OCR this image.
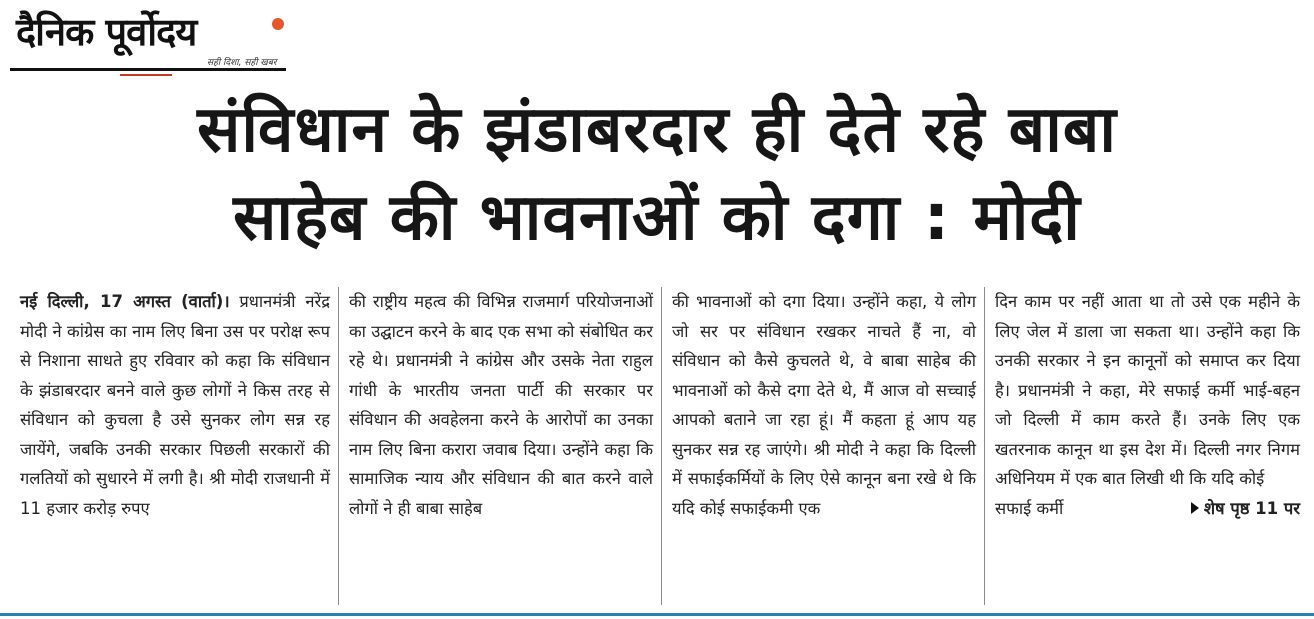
दैनिक पूर्वोदय
सही दिशा, सही खबर
संविधान के झंडाबरदार ही देते रहे बाबा
साहेब की भावनाओं को दगा : मोदी
नई दिल्ली, 17 अगस्त (वार्ता)। प्रधानमंत्री नरेंद्र मोदी ने कांग्रेस का नाम लिए बिना उस पर परोक्ष रूप से निशाना साधते हुए रविवार को कहा कि संविधान के झंडाबरदार बनने वाले कुछ लोगों ने किस तरह से संविधान को कुचला है उसे सुनकर लोग सन्न रह जायेंगे, जबकि उनकी सरकार पिछली सरकारों की गलतियों को सुधारने में लगी है। श्री मोदी राजधानी में 11 हजार करोड़ रुपए
की राष्ट्रीय महत्व की विभिन्न राजमार्ग परियोजनाओं का उद्घाटन करने के बाद एक सभा को संबोधित कर रहे थे। प्रधानमंत्री ने कांग्रेस और उसके नेता राहुल गांधी के भारतीय जनता पार्टी की सरकार पर संविधान की अवहेलना करने के आरोपों का उनका नाम लिए बिना करारा जवाब दिया। उन्होंने कहा कि सामाजिक न्याय और संविधान की बात करने वाले लोगों ने ही बाबा साहेब
की भावनाओं को दगा दिया। उन्होंने कहा, ये लोग जो सर पर संविधान रखकर नाचते हैं ना, वो संविधान को कैसे कुचलते थे, वे बाबा साहेब की भावनाओं को कैसे दगा देते थे, मैं आज वो सच्चाई आपको बताने जा रहा हूं। मैं कहता हूं आप यह सुनकर सन्न रह जाएंगे। श्री मोदी ने कहा कि दिल्ली में सफाईकर्मियों के लिए ऐसे कानून बना रखे थे कि यदि कोई सफाईकमी एक
दिन काम पर नहीं आता था तो उसे एक महीने के लिए जेल में डाला जा सकता था। उन्होंने कहा कि उनकी सरकार ने इन कानूनों को समाप्त कर दिया है। प्रधानमंत्री ने कहा, मेरे सफाई कर्मी भाई-बहन जो दिल्ली में काम करते हैं। उनके लिए एक खतरनाक कानून था इस देश में। दिल्ली नगर निगम अधिनियम में एक बात लिखी थी कि यदि कोई
सफाई कर्मी	शेष पृष्ठ 11 पर
